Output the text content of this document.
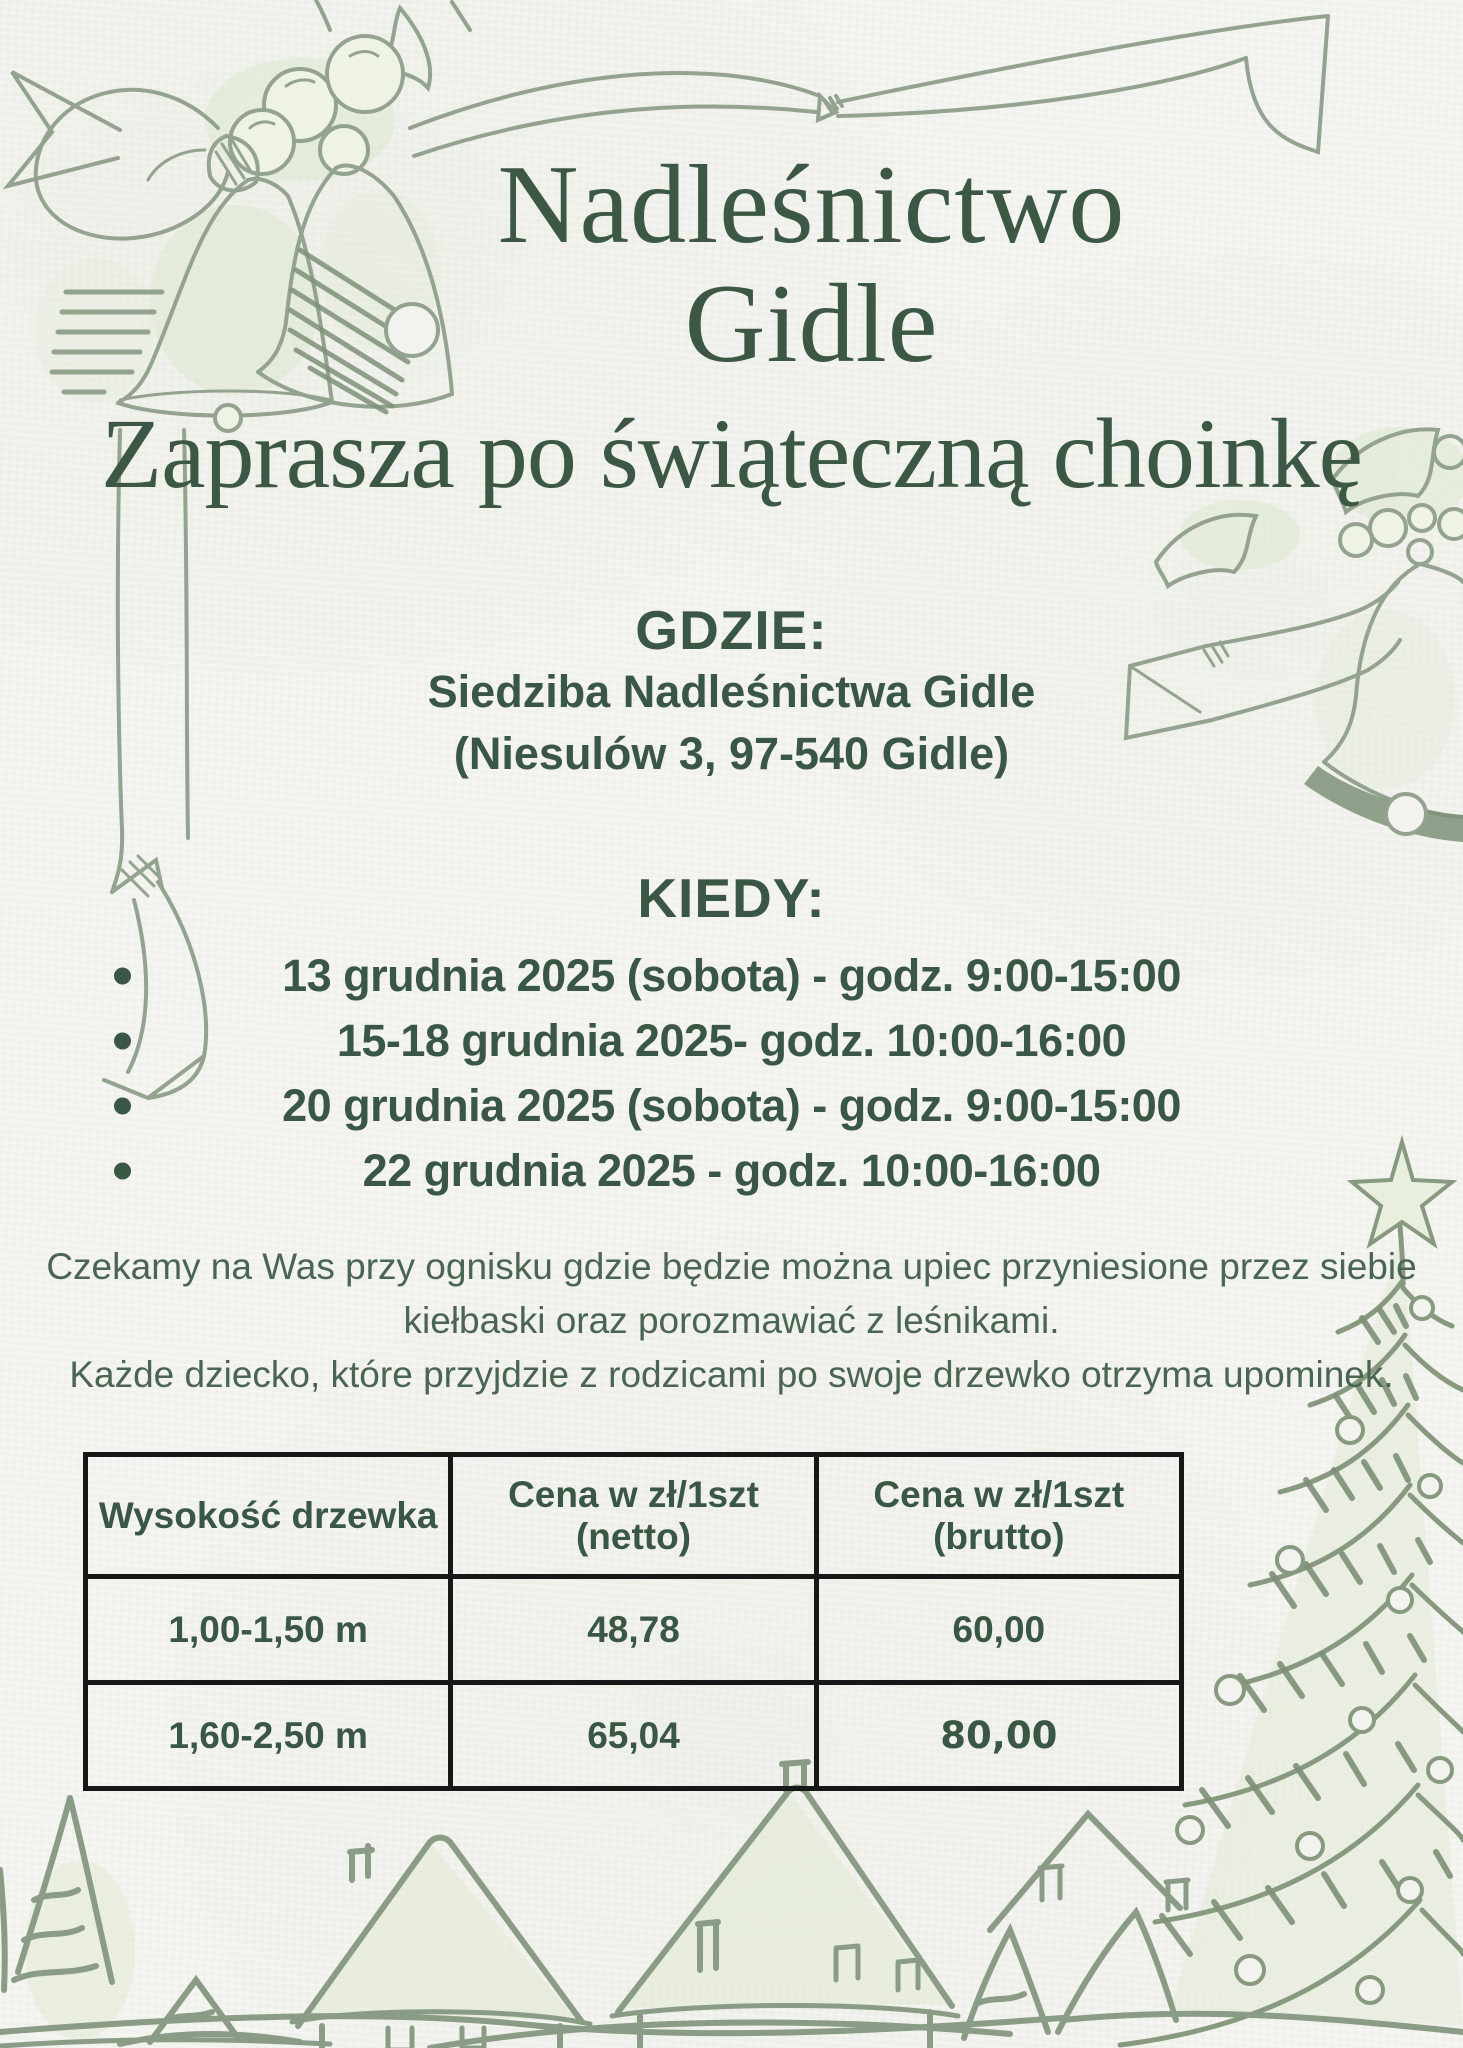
Nadleśnictwo
Gidle
Zaprasza po świąteczną choinkę
GDZIE:
Siedziba Nadleśnictwa Gidle
(Niesulów 3, 97-540 Gidle)
KIEDY:
13 grudnia 2025 (sobota) - godz. 9:00-15:00
15-18 grudnia 2025- godz. 10:00-16:00
20 grudnia 2025 (sobota) - godz. 9:00-15:00
22 grudnia 2025 - godz. 10:00-16:00

Czekamy na Was przy ognisku gdzie będzie można upiec przyniesione przez siebie kiełbaski oraz porozmawiać z leśnikami.

Każde dziecko, które przyjdzie z rodzicami po swoje drzewko otrzyma upominek.

Wysokość drzewka	Cena w zł/1szt (netto)	Cena w zł/1szt (brutto)
1,00-1,50 m	48,78	60,00
1,60-2,50 m	65,04	80,00
